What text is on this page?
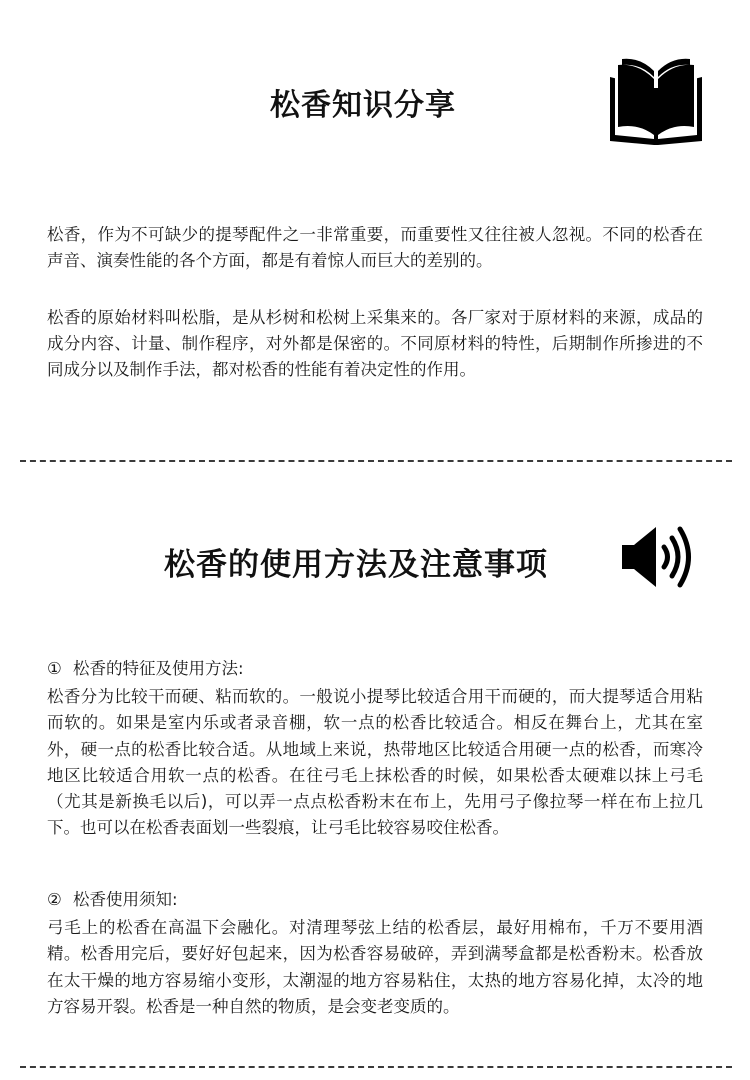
松香知识分享

松香，作为不可缺少的提琴配件之一非常重要，而重要性又往往被人忽视。不同的松香在声音、演奏性能的各个方面，都是有着惊人而巨大的差别的。

松香的原始材料叫松脂，是从杉树和松树上采集来的。各厂家对于原材料的来源，成品的成分内容、计量、制作程序，对外都是保密的。不同原材料的特性，后期制作所掺进的不同成分以及制作手法，都对松香的性能有着决定性的作用。

松香的使用方法及注意事项

① 松香的特征及使用方法:

松香分为比较干而硬、粘而软的。一般说小提琴比较适合用干而硬的，而大提琴适合用粘而软的。如果是室内乐或者录音棚，软一点的松香比较适合。相反在舞台上，尤其在室外，硬一点的松香比较合适。从地域上来说，热带地区比较适合用硬一点的松香，而寒冷地区比较适合用软一点的松香。在往弓毛上抹松香的时候，如果松香太硬难以抹上弓毛（尤其是新换毛以后)，可以弄一点点松香粉末在布上，先用弓子像拉琴一样在布上拉几下。也可以在松香表面划一些裂痕，让弓毛比较容易咬住松香。

② 松香使用须知:

弓毛上的松香在高温下会融化。对清理琴弦上结的松香层，最好用棉布，千万不要用酒精。松香用完后，要好好包起来，因为松香容易破碎，弄到满琴盒都是松香粉末。松香放在太干燥的地方容易缩小变形，太潮湿的地方容易粘住，太热的地方容易化掉，太冷的地方容易开裂。松香是一种自然的物质，是会变老变质的。
